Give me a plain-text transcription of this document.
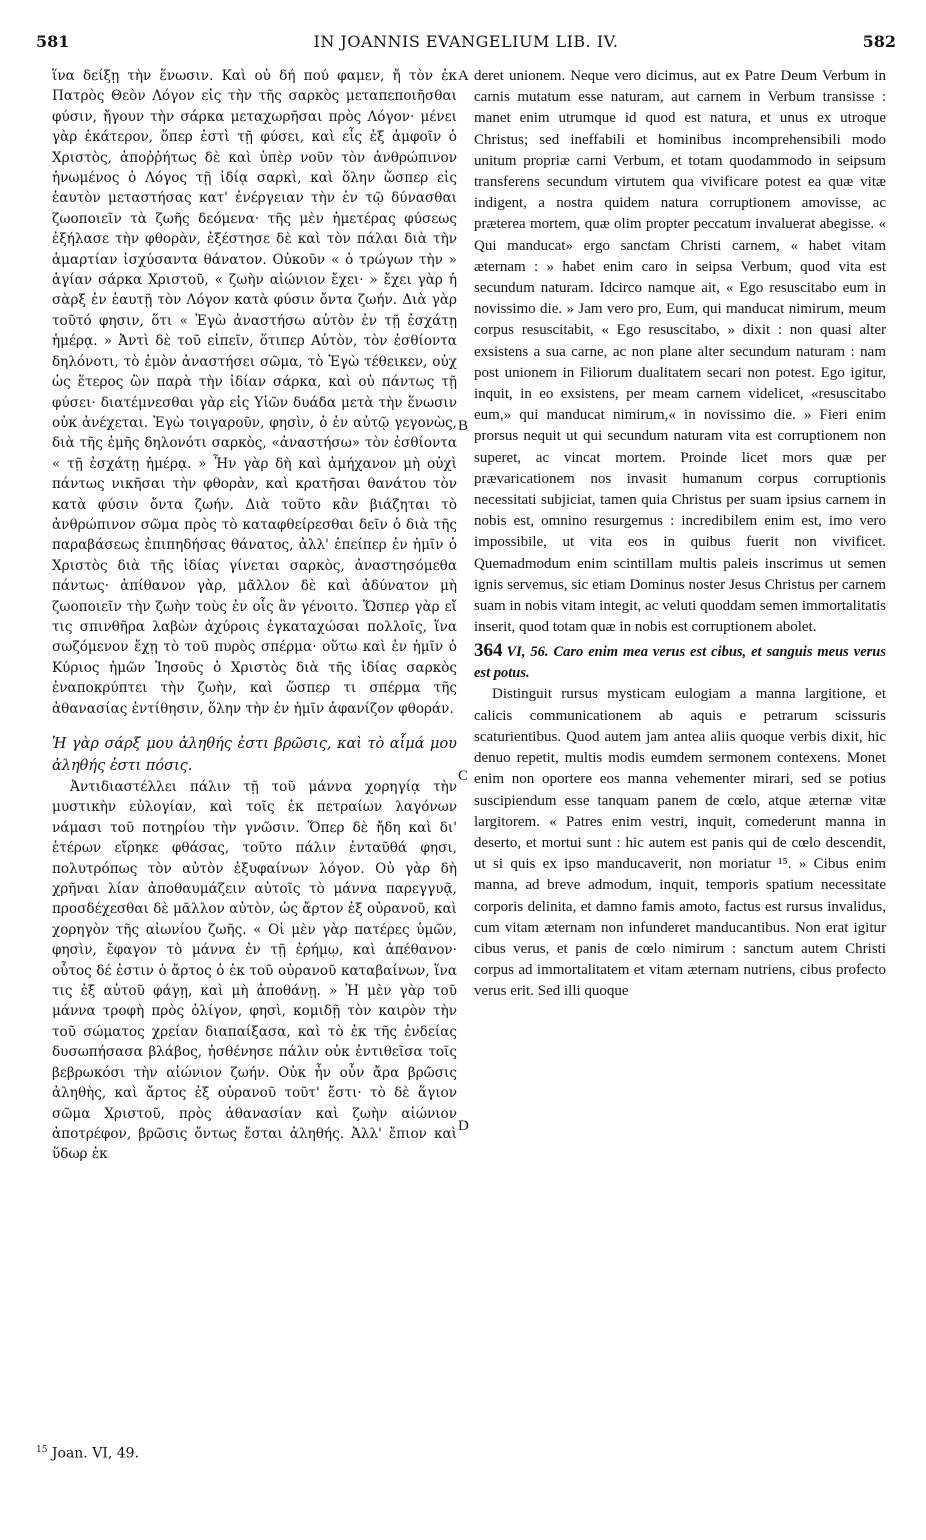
581	IN JOANNIS EVANGELIUM LIB. IV.	582

ἵνα δείξῃ τὴν ἕνωσιν. Καὶ οὐ δή πού φαμεν, ἤ τὸν ἐκ Πατρὸς Θεὸν Λόγον εἰς τὴν τῆς σαρκὸς μεταπεποιῆσθαι φύσιν, ἤγουν τὴν σάρκα μεταχωρῆσαι πρὸς Λόγον· μένει γὰρ ἑκάτερον, ὅπερ ἐστὶ τῇ φύσει, καὶ εἷς ἐξ ἀμφοῖν ὁ Χριστὸς, ἀποῤῥήτως δὲ καὶ ὑπὲρ νοῦν τὸν ἀνθρώπινον ἡνωμένος ὁ Λόγος τῇ ἰδίᾳ σαρκὶ, καὶ ὅλην ὥσπερ εἰς ἑαυτὸν μεταστήσας κατ' ἐνέργειαν τὴν ἐν τῷ δύνασθαι ζωοποιεῖν τὰ ζωῆς δεόμενα· τῆς μὲν ἡμετέρας φύσεως ἐξήλασε τὴν φθορὰν, ἐξέστησε δὲ καὶ τὸν πάλαι διὰ τὴν ἁμαρτίαν ἰσχύσαντα θάνατον. Οὐκοῦν « ὁ τρώγων τὴν » ἁγίαν σάρκα Χριστοῦ, « ζωὴν αἰώνιον ἔχει· » ἔχει γὰρ ἡ σὰρξ ἐν ἑαυτῇ τὸν Λόγον κατὰ φύσιν ὄντα ζωήν. Διὰ γὰρ τοῦτό φησιν, ὅτι « Ἐγὼ ἀναστήσω αὐτὸν ἐν τῇ ἐσχάτῃ ἡμέρᾳ. » Ἀντὶ δὲ τοῦ εἰπεῖν, ὅτιπερ Αὐτὸν, τὸν ἐσθίοντα δηλόνοτι, τὸ ἐμὸν ἀναστήσει σῶμα, τὸ Ἐγὼ τέθεικεν, οὐχ ὡς ἕτερος ὢν παρὰ τὴν ἰδίαν σάρκα, καὶ οὐ πάντως τῇ φύσει· διατέμνεσθαι γὰρ εἰς Υἱῶν δυάδα μετὰ τὴν ἕνωσιν οὐκ ἀνέχεται. Ἐγὼ τοιγαροῦν, φησὶν, ὁ ἐν αὐτῷ γεγονὼς, διὰ τῆς ἐμῆς δηλονότι σαρκὸς, «ἀναστήσω» τὸν ἐσθίοντα « τῇ ἐσχάτῃ ἡμέρᾳ. » Ἦν γὰρ δὴ καὶ ἀμήχανον μὴ οὐχὶ πάντως νικῆσαι τὴν φθορὰν, καὶ κρατῆσαι θανάτου τὸν κατὰ φύσιν ὄντα ζωήν. Διὰ τοῦτο κἂν βιάζηται τὸ ἀνθρώπινον σῶμα πρὸς τὸ καταφθείρεσθαι δεῖν ὁ διὰ τῆς παραβάσεως ἐπιπηδήσας θάνατος, ἀλλ' ἐπείπερ ἐν ἡμῖν ὁ Χριστὸς διὰ τῆς ἰδίας γίνεται σαρκὸς, ἀναστησόμεθα πάντως· ἀπίθανον γὰρ, μᾶλλον δὲ καὶ ἀδύνατον μὴ ζωοποιεῖν τὴν ζωὴν τοὺς ἐν οἷς ἂν γένοιτο. Ὥσπερ γὰρ εἴ τις σπινθῆρα λαβὼν ἀχύροις ἐγκαταχώσαι πολλοῖς, ἵνα σωζόμενον ἔχῃ τὸ τοῦ πυρὸς σπέρμα· οὕτω καὶ ἐν ἡμῖν ὁ Κύριος ἡμῶν Ἰησοῦς ὁ Χριστὸς διὰ τῆς ἰδίας σαρκὸς ἐναποκρύπτει τὴν ζωὴν, καὶ ὥσπερ τι σπέρμα τῆς ἀθανασίας ἐντίθησιν, ὅλην τὴν ἐν ἡμῖν ἀφανίζον φθοράν.

Ἡ γὰρ σάρξ μου ἀληθής ἐστι βρῶσις, καὶ τὸ αἷμά μου ἀληθής ἐστι πόσις.

Ἀντιδιαστέλλει πάλιν τῇ τοῦ μάννα χορηγίᾳ τὴν μυστικὴν εὐλογίαν, καὶ τοῖς ἐκ πετραίων λαγόνων νάμασι τοῦ ποτηρίου τὴν γνῶσιν. Ὅπερ δὲ ἤδη καὶ δι' ἑτέρων εἴρηκε φθάσας, τοῦτο πάλιν ἐνταῦθά φησι, πολυτρόπως τὸν αὐτὸν ἐξυφαίνων λόγον. Οὐ γὰρ δὴ χρῆναι λίαν ἀποθαυμάζειν αὐτοῖς τὸ μάννα παρεγγυᾷ, προσδέχεσθαι δὲ μᾶλλον αὐτὸν, ὡς ἄρτον ἐξ οὐρανοῦ, καὶ χορηγὸν τῆς αἰωνίου ζωῆς. « Οἱ μὲν γὰρ πατέρες ὑμῶν, φησὶν, ἔφαγον τὸ μάννα ἐν τῇ ἐρήμῳ, καὶ ἀπέθανον· οὗτος δέ ἐστιν ὁ ἄρτος ὁ ἐκ τοῦ οὐρανοῦ καταβαίνων, ἵνα τις ἐξ αὐτοῦ φάγῃ, καὶ μὴ ἀποθάνῃ. » Ἡ μὲν γὰρ τοῦ μάννα τροφὴ πρὸς ὀλίγον, φησὶ, κομιδῇ τὸν καιρὸν τὴν τοῦ σώματος χρείαν διαπαίξασα, καὶ τὸ ἐκ τῆς ἐνδείας δυσωπήσασα βλάβος, ἠσθένησε πάλιν οὐκ ἐντιθεῖσα τοῖς βεβρωκόσι τὴν αἰώνιον ζωήν. Οὐκ ἦν οὖν ἄρα βρῶσις ἀληθὴς, καὶ ἄρτος ἐξ οὐρανοῦ τοῦτ' ἔστι· τὸ δὲ ἅγιον σῶμα Χριστοῦ, πρὸς ἀθανασίαν καὶ ζωὴν αἰώνιον ἀποτρέφον, βρῶσις ὄντως ἔσται ἀληθής. Ἀλλ' ἔπιον καὶ ὕδωρ ἐκ

deret unionem. Neque vero dicimus, aut ex Patre Deum Verbum in carnis mutatum esse naturam, aut carnem in Verbum transisse : manet enim utrumque id quod est natura, et unus ex utroque Christus; sed ineffabili et hominibus incomprehensibili modo unitum propriæ carni Verbum, et totam quodammodo in seipsum transferens secundum virtutem qua vivificare potest ea quæ vitæ indigent, a nostra quidem natura corruptionem amovisse, ac præterea mortem, quæ olim propter peccatum invaluerat abegisse. « Qui manducat» ergo sanctam Christi carnem, « habet vitam æternam : » habet enim caro in seipsa Verbum, quod vita est secundum naturam. Idcirco namque ait, « Ego resuscitabo eum in novissimo die. » Jam vero pro, Eum, qui manducat nimirum, meum corpus resuscitabit, « Ego resuscitabo, » dixit : non quasi alter exsistens a sua carne, ac non plane alter secundum naturam : nam post unionem in Filiorum dualitatem secari non potest. Ego igitur, inquit, in eo exsistens, per meam carnem videlicet, «resuscitabo eum,» qui manducat nimirum,« in novissimo die. » Fieri enim prorsus nequit ut qui secundum naturam vita est corruptionem non superet, ac vincat mortem. Proinde licet mors quæ per prævaricationem nos invasit humanum corpus corruptionis necessitati subjiciat, tamen quia Christus per suam ipsius carnem in nobis est, omnino resurgemus : incredibilem enim est, imo vero impossibile, ut vita eos in quibus fuerit non vivificet. Quemadmodum enim scintillam multis paleis inscrimus ut semen ignis servemus, sic etiam Dominus noster Jesus Christus per carnem suam in nobis vitam integit, ac veluti quoddam semen immortalitatis inserit, quod totam quæ in nobis est corruptionem abolet.

364 VI, 56. Caro enim mea verus est cibus, et sanguis meus verus est potus.

Distinguit rursus mysticam eulogiam a manna largitione, et calicis communicationem ab aquis e petrarum scissuris scaturientibus. Quod autem jam antea aliis quoque verbis dixit, hic denuo repetit, multis modis eumdem sermonem contexens. Monet enim non oportere eos manna vehementer mirari, sed se potius suscipiendum esse tanquam panem de cœlo, atque æternæ vitæ largitorem. « Patres enim vestri, inquit, comederunt manna in deserto, et mortui sunt : hic autem est panis qui de cœlo descendit, ut si quis ex ipso manducaverit, non moriatur ¹⁵. » Cibus enim manna, ad breve admodum, inquit, temporis spatium necessitate corporis delinita, et damno famis amoto, factus est rursus invalidus, cum vitam æternam non infunderet manducantibus. Non erat igitur cibus verus, et panis de cœlo nimirum : sanctum autem Christi corpus ad immortalitatem et vitam æternam nutriens, cibus profecto verus erit. Sed illi quoque

A
B
C
D
$^{15}$ Joan. VI, 49.
